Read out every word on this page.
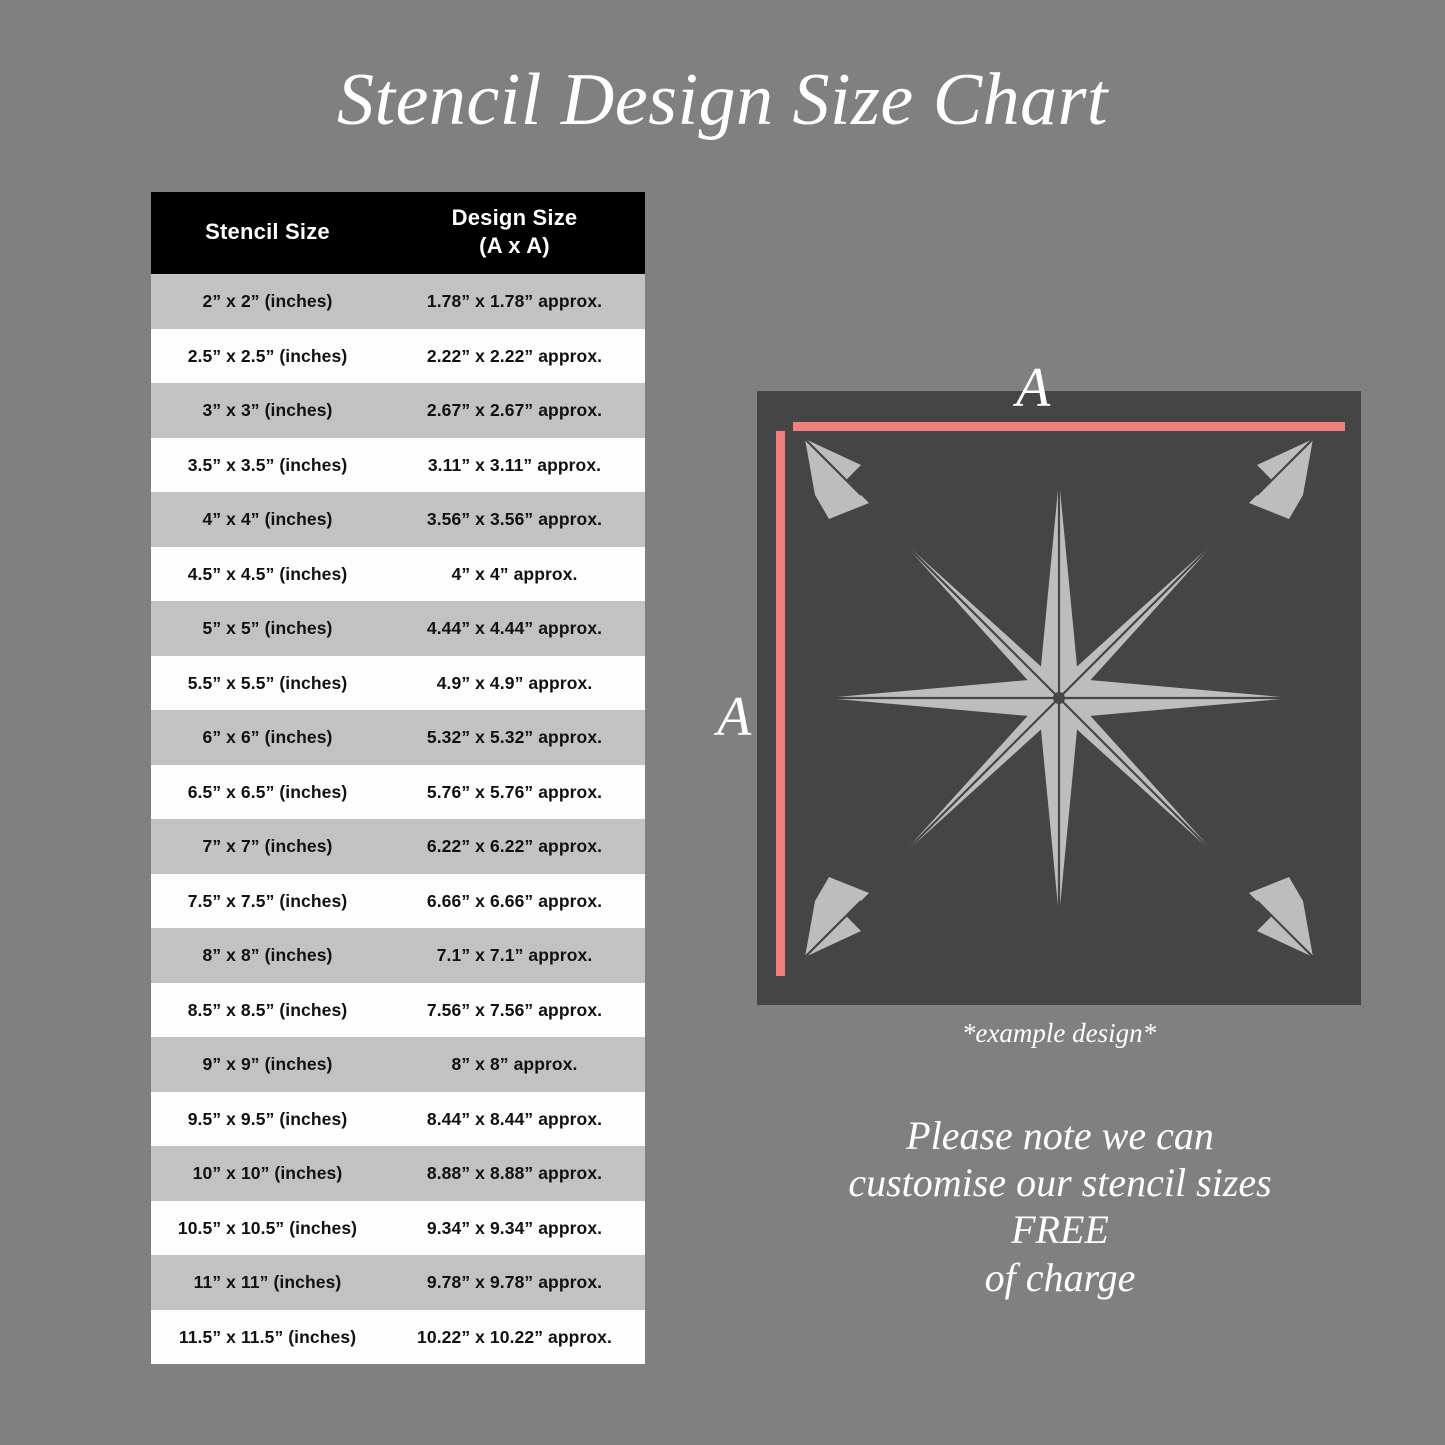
Stencil Design Size Chart
Stencil Size	Design Size
(A x A)

2” x 2” (inches)	1.78” x 1.78” approx.
2.5” x 2.5” (inches)	2.22” x 2.22” approx.
3” x 3” (inches)	2.67” x 2.67” approx.
3.5” x 3.5” (inches)	3.11” x 3.11” approx.
4” x 4” (inches)	3.56” x 3.56” approx.
4.5” x 4.5” (inches)	4” x 4” approx.
5” x 5” (inches)	4.44” x 4.44” approx.
5.5” x 5.5” (inches)	4.9” x 4.9” approx.
6” x 6” (inches)	5.32” x 5.32” approx.
6.5” x 6.5” (inches)	5.76” x 5.76” approx.
7” x 7” (inches)	6.22” x 6.22” approx.
7.5” x 7.5” (inches)	6.66” x 6.66” approx.
8” x 8” (inches)	7.1” x 7.1” approx.
8.5” x 8.5” (inches)	7.56” x 7.56” approx.
9” x 9” (inches)	8” x 8” approx.
9.5” x 9.5” (inches)	8.44” x 8.44” approx.
10” x 10” (inches)	8.88” x 8.88” approx.
10.5” x 10.5” (inches)	9.34” x 9.34” approx.
11” x 11” (inches)	9.78” x 9.78” approx.
11.5” x 11.5” (inches)	10.22” x 10.22” approx.
A
A
*example design*
Please note we can
customise our stencil sizes
FREE
of charge
